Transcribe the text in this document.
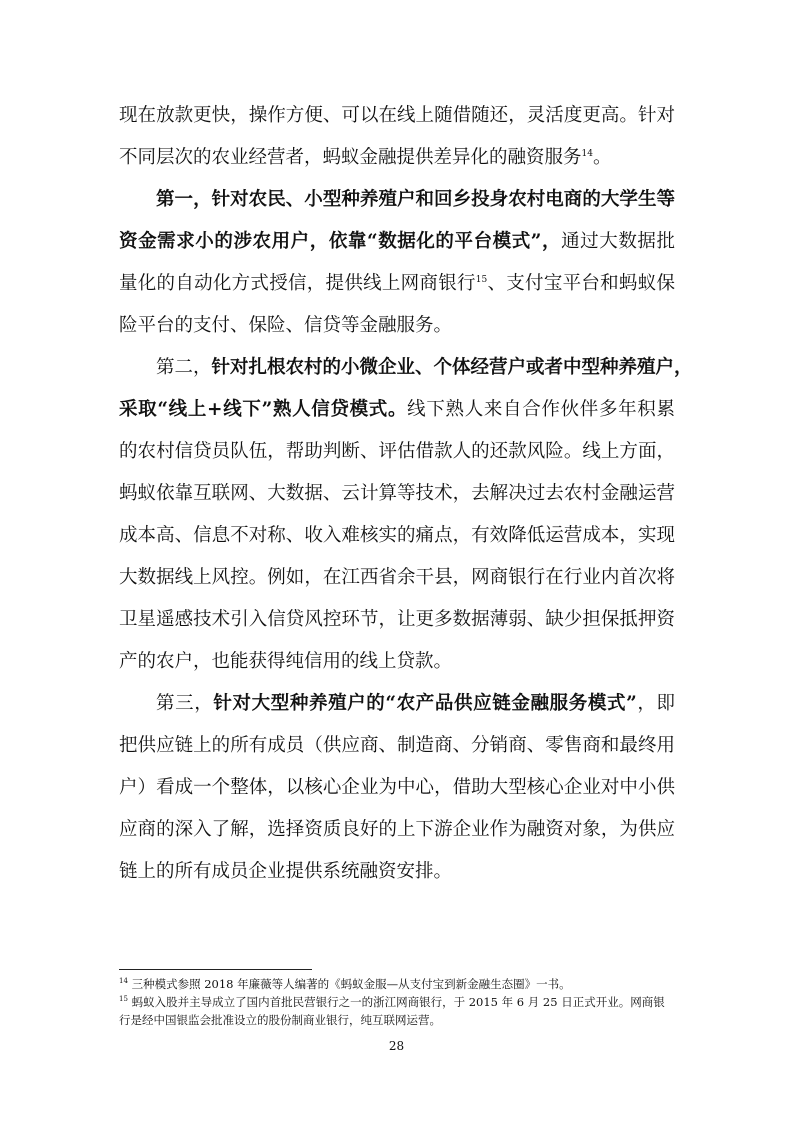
现在放款更快，操作方便、可以在线上随借随还，灵活度更高。针对
不同层次的农业经营者，蚂蚁金融提供差异化的融资服务$^{14}$。
第一，针对农民、小型种养殖户和回乡投身农村电商的大学生等
资金需求小的涉农用户，依靠“数据化的平台模式”，通过大数据批
量化的自动化方式授信，提供线上网商银行$^{15}$、支付宝平台和蚂蚁保
险平台的支付、保险、信贷等金融服务。
第二，针对扎根农村的小微企业、个体经营户或者中型种养殖户，
采取“线上+线下”熟人信贷模式。线下熟人来自合作伙伴多年积累
的农村信贷员队伍，帮助判断、评估借款人的还款风险。线上方面，
蚂蚁依靠互联网、大数据、云计算等技术，去解决过去农村金融运营
成本高、信息不对称、收入难核实的痛点，有效降低运营成本，实现
大数据线上风控。例如，在江西省余干县，网商银行在行业内首次将
卫星遥感技术引入信贷风控环节，让更多数据薄弱、缺少担保抵押资
产的农户，也能获得纯信用的线上贷款。
第三，针对大型种养殖户的“农产品供应链金融服务模式”，即
把供应链上的所有成员（供应商、制造商、分销商、零售商和最终用
户）看成一个整体，以核心企业为中心，借助大型核心企业对中小供
应商的深入了解，选择资质良好的上下游企业作为融资对象，为供应
链上的所有成员企业提供系统融资安排。
$^{14}$ 三种模式参照 2018 年廉薇等人编著的《蚂蚁金服—从支付宝到新金融生态圈》一书。
$^{15}$ 蚂蚁入股并主导成立了国内首批民营银行之一的浙江网商银行，于 2015 年 6 月 25 日正式开业。网商银
行是经中国银监会批准设立的股份制商业银行，纯互联网运营。
28
